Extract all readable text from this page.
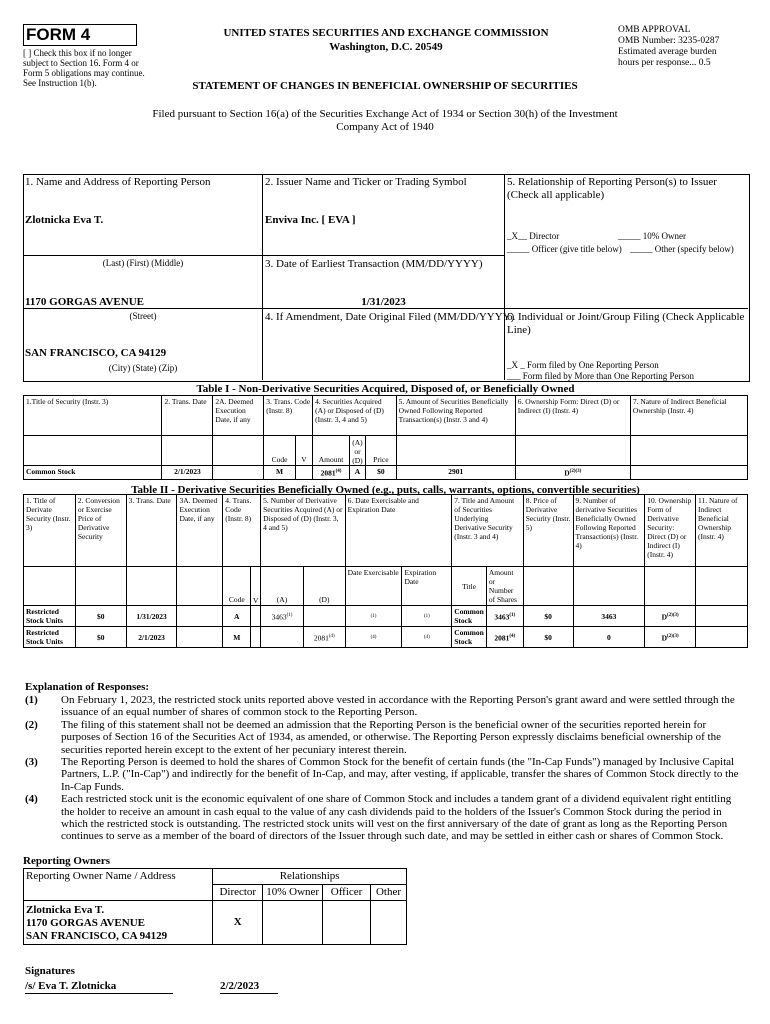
FORM 4
[ ] Check this box if no longer subject to Section 16. Form 4 or Form 5 obligations may continue. See Instruction 1(b).
UNITED STATES SECURITIES AND EXCHANGE COMMISSION
Washington, D.C. 20549
STATEMENT OF CHANGES IN BENEFICIAL OWNERSHIP OF SECURITIES
OMB APPROVAL
OMB Number: 3235-0287
Estimated average burden
hours per response... 0.5
Filed pursuant to Section 16(a) of the Securities Exchange Act of 1934 or Section 30(h) of the Investment Company Act of 1940
1. Name and Address of Reporting Person
Zlotnicka Eva T.
(Last) (First) (Middle)
1170 GORGAS AVENUE
(Street)
SAN FRANCISCO, CA 94129
(City) (State) (Zip)
2. Issuer Name and Ticker or Trading Symbol
Enviva Inc. [ EVA ]
3. Date of Earliest Transaction (MM/DD/YYYY)
1/31/2023
4. If Amendment, Date Original Filed (MM/DD/YYYY)
5. Relationship of Reporting Person(s) to Issuer (Check all applicable)
_X__ Director	_____ 10% Owner
_____ Officer (give title below) _____ Other (specify below)
6. Individual or Joint/Group Filing (Check Applicable Line)
_X _ Form filed by One Reporting Person
___ Form filed by More than One Reporting Person
Table I - Non-Derivative Securities Acquired, Disposed of, or Beneficially Owned
1.Title of Security (Instr. 3)	2. Trans. Date	2A. Deemed Execution Date, if any	3. Trans. Code (Instr. 8)		4. Securities Acquired (A) or Disposed of (D) (Instr. 3, 4 and 5)			5. Amount of Securities Beneficially Owned Following Reported Transaction(s) (Instr. 3 and 4)	6. Ownership Form: Direct (D) or Indirect (I) (Instr. 4)	7. Nature of Indirect Beneficial Ownership (Instr. 4)
			Code	V	Amount	(A) or (D)	Price			
Common Stock	2/1/2023		M		2081$^{(4)}$	A	$0	2901	$D^{(2)(3)}$	
Table II - Derivative Securities Beneficially Owned (e.g., puts, calls, warrants, options, convertible securities)
1. Title of Derivate Security (Instr. 3)	2. Conversion or Exercise Price of Derivative Security	3. Trans. Date	3A. Deemed Execution Date, if any	4. Trans. Code (Instr. 8)		5. Number of Derivative Securities Acquired (A) or Disposed of (D) (Instr. 3, 4 and 5)		6. Date Exercisable and Expiration Date		7. Title and Amount of Securities Underlying Derivative Security (Instr. 3 and 4)		8. Price of Derivative Security (Instr. 5)	9. Number of derivative Securities Beneficially Owned Following Reported Transaction(s) (Instr. 4)	10. Ownership Form of Derivative Security: Direct (D) or Indirect (I) (Instr. 4)	11. Nature of Indirect Beneficial Ownership (Instr. 4)
				Code	V	(A)	(D)	Date Exercisable	Expiration Date	Title	Amount or Number of Shares				
Restricted Stock Units	$0	1/31/2023		A		3463$^{(1)}$		(1)	(1)	Common Stock	3463$^{(1)}$	$0	3463	$D^{(2)(3)}$	
Restricted Stock Units	$0	2/1/2023		M			2081$^{(4)}$	(4)	(4)	Common Stock	2081$^{(4)}$	$0	0	$D^{(2)(3)}$	
Explanation of Responses:
(1)	On February 1, 2023, the restricted stock units reported above vested in accordance with the Reporting Person's grant award and were settled through the issuance of an equal number of shares of common stock to the Reporting Person.
(2)	The filing of this statement shall not be deemed an admission that the Reporting Person is the beneficial owner of the securities reported herein for purposes of Section 16 of the Securities Act of 1934, as amended, or otherwise. The Reporting Person expressly disclaims beneficial ownership of the securities reported herein except to the extent of her pecuniary interest therein.
(3)	The Reporting Person is deemed to hold the shares of Common Stock for the benefit of certain funds (the "In-Cap Funds") managed by Inclusive Capital Partners, L.P. ("In-Cap") and indirectly for the benefit of In-Cap, and may, after vesting, if applicable, transfer the shares of Common Stock directly to the In-Cap Funds.
(4)	Each restricted stock unit is the economic equivalent of one share of Common Stock and includes a tandem grant of a dividend equivalent right entitling the holder to receive an amount in cash equal to the value of any cash dividends paid to the holders of the Issuer's Common Stock during the period in which the restricted stock is outstanding. The restricted stock units will vest on the first anniversary of the date of grant as long as the Reporting Person continues to serve as a member of the board of directors of the Issuer through such date, and may be settled in either cash or shares of Common Stock.
Reporting Owners
Reporting Owner Name / Address	Relationships			
	Director	10% Owner	Officer	Other

Zlotnicka Eva T.
1170 GORGAS AVENUE
SAN FRANCISCO, CA 94129	X			
Signatures
/s/ Eva T. Zlotnicka	2/2/2023
